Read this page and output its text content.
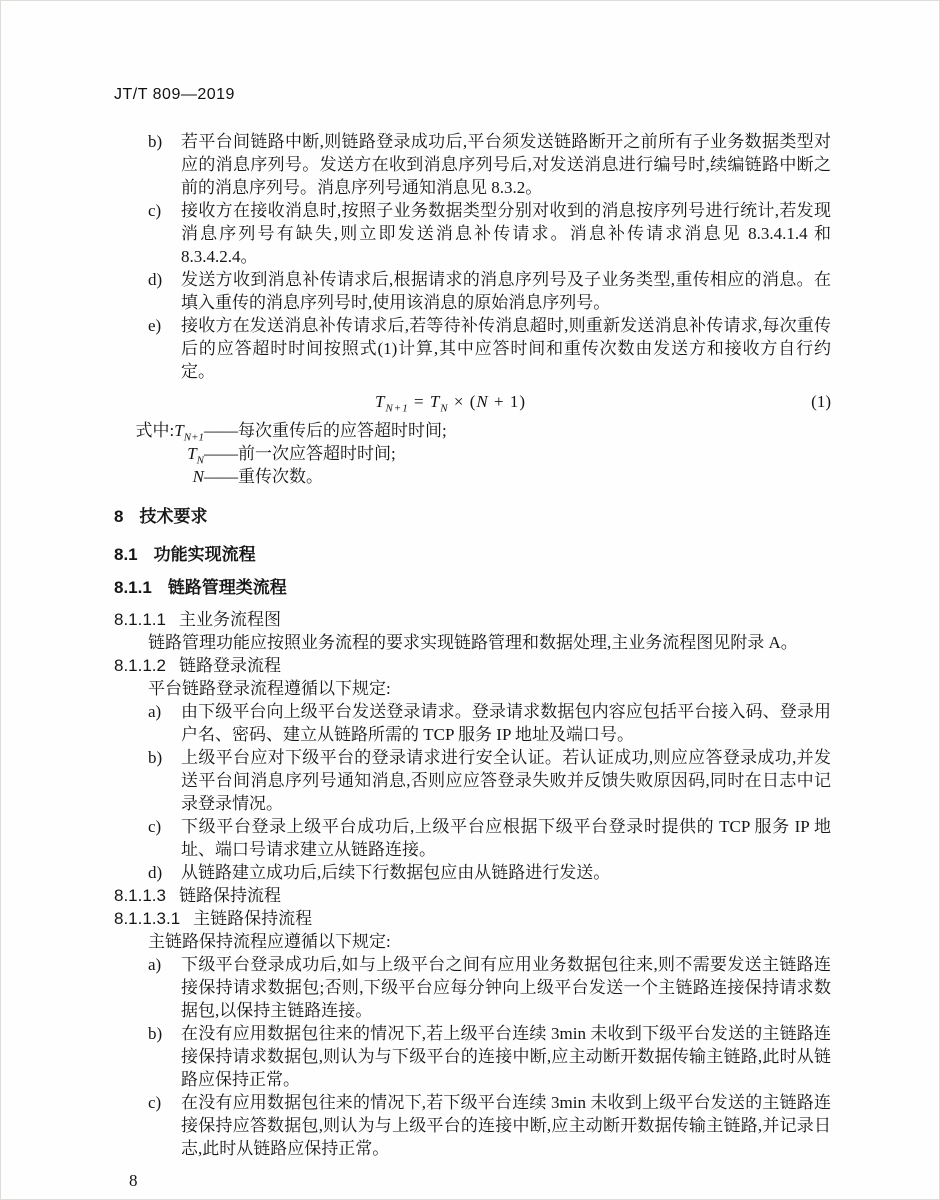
JT/T 809—2019
b)	若平台间链路中断,则链路登录成功后,平台须发送链路断开之前所有子业务数据类型对应的消息序列号。发送方在收到消息序列号后,对发送消息进行编号时,续编链路中断之前的消息序列号。消息序列号通知消息见 8.3.2。
c)	接收方在接收消息时,按照子业务数据类型分别对收到的消息按序列号进行统计,若发现消息序列号有缺失,则立即发送消息补传请求。消息补传请求消息见 8.3.4.1.4 和 8.3.4.2.4。
d)	发送方收到消息补传请求后,根据请求的消息序列号及子业务类型,重传相应的消息。在填入重传的消息序列号时,使用该消息的原始消息序列号。
e)	接收方在发送消息补传请求后,若等待补传消息超时,则重新发送消息补传请求,每次重传后的应答超时时间按照式(1)计算,其中应答时间和重传次数由发送方和接收方自行约定。
$T_{N+1} = T_N \times (N + 1)$	(1)
式中$:T_{N+1}$ —— 每次重传后的应答超时时间;
$T_N$ —— 前一次应答超时时间;
N —— 重传次数。
8 技术要求
8.1 功能实现流程
8.1.1 链路管理类流程
8.1.1.1 主业务流程图
链路管理功能应按照业务流程的要求实现链路管理和数据处理,主业务流程图见附录 A。
8.1.1.2 链路登录流程
平台链路登录流程遵循以下规定:
a)	由下级平台向上级平台发送登录请求。登录请求数据包内容应包括平台接入码、登录用户名、密码、建立从链路所需的 TCP 服务 IP 地址及端口号。
b)	上级平台应对下级平台的登录请求进行安全认证。若认证成功,则应应答登录成功,并发送平台间消息序列号通知消息,否则应应答登录失败并反馈失败原因码,同时在日志中记录登录情况。
c)	下级平台登录上级平台成功后,上级平台应根据下级平台登录时提供的 TCP 服务 IP 地址、端口号请求建立从链路连接。
d)	从链路建立成功后,后续下行数据包应由从链路进行发送。
8.1.1.3 链路保持流程
8.1.1.3.1 主链路保持流程
主链路保持流程应遵循以下规定:
a)	下级平台登录成功后,如与上级平台之间有应用业务数据包往来,则不需要发送主链路连接保持请求数据包;否则,下级平台应每分钟向上级平台发送一个主链路连接保持请求数据包,以保持主链路连接。
b)	在没有应用数据包往来的情况下,若上级平台连续 3min 未收到下级平台发送的主链路连接保持请求数据包,则认为与下级平台的连接中断,应主动断开数据传输主链路,此时从链路应保持正常。
c)	在没有应用数据包往来的情况下,若下级平台连续 3min 未收到上级平台发送的主链路连接保持应答数据包,则认为与上级平台的连接中断,应主动断开数据传输主链路,并记录日志,此时从链路应保持正常。
8
